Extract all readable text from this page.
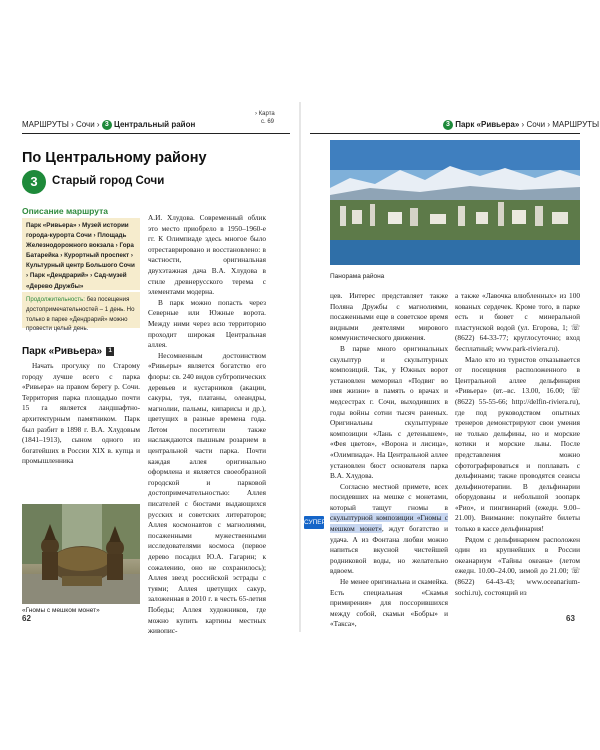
МАРШРУТЫ › Сочи › 3 Центральный район
› Карта
с. 69
По Центральному району
3	Старый город Сочи
Описание маршрута
Парк «Ривьера» › Музей истории города-курорта Сочи › Площадь Железнодорожного вокзала › Гора Батарейка › Курортный проспект › Культурный центр Большого Сочи › Парк «Дендрарий» › Сад-музей «Дерево Дружбы»
Продолжительность: без посещения достопримечательностей – 1 день. Но только в парке «Дендрарий» можно провести целый день.
Парк «Ривьера» 1

Начать прогулку по Старому городу лучше всего с парка «Ривьера» на правом берегу р. Сочи. Территория парка площадью почти 15 га является ландшафтно-архитектурным памятником. Парк был разбит в 1898 г. В.А. Хлудовым (1841–1913), сыном одного из богатейших в России XIX в. купца и промышленника

«Гномы с мешком монет»

А.И. Хлудова. Современный облик это место приобрело в 1950–1960-е гг. К Олимпиаде здесь многое было отреставрировано и восстановлено: в частности, оригинальная двухэтажная дача В.А. Хлудова в стиле древнерусского терема с элементами модерна.

В парк можно попасть через Северные или Южные ворота. Между ними через всю территорию проходит широкая Центральная аллея.

Несомненным достоинством «Ривьеры» является богатство его флоры: св. 240 видов субтропических деревьев и кустарников (акации, сакуры, туя, платаны, олеандры, магнолии, пальмы, кипарисы и др.), цветущих в разные времена года. Летом посетители также наслаждаются пышным розарием в центральной части парка. Почти каждая аллея оригинально оформлена и является своеобразной городской и парковой достопримечательностью: Аллея писателей с бюстами выдающихся русских и советских литераторов; Аллея космонавтов с магнолиями, посаженными мужественными исследователями космоса (первое дерево посадил Ю.А. Гагарин; к сожалению, оно не сохранилось); Аллея звезд российской эстрады с туями; Аллея цветущих сакур, заложенная в 2010 г. в честь 65-летия Победы; Аллея художников, где можно купить картины местных живопис-

62
3 Парк «Ривьера» › Сочи › МАРШРУТЫ
Панорама района

цев. Интерес представляет также Поляна Дружбы с магнолиями, посаженными еще в советское время видными деятелями мирового коммунистического движения.

В парке много оригинальных скульптур и скульптурных композиций. Так, у Южных ворот установлен мемориал «Подвиг во имя жизни» в память о врачах и медсестрах г. Сочи, выходивших в годы войны сотни тысяч раненых. Оригинальны скульптурные композиции «Лань с детенышем», «Фея цветов», «Ворона и лисица», «Олимпиада». На Центральной аллее установлен бюст основателя парка В.А. Хлудова.

Согласно местной примете, всех посидевших на мешке с монетами, который тащут гномы в скульптурной композиции «Гномы с мешком монет», ждут богатство и удача. А из Фонтана любви можно напиться вкусной чистейшей родниковой воды, но желательно вдвоем.

Не менее оригинальна и скамейка. Есть специальная «Скамья примирения» для поссорившихся между собой, скамьи «Бобры» и «Такса»,

СУПЕР

а также «Лавочка влюбленных» из 100 кованых сердечек. Кроме того, в парке есть и бювет с минеральной пластунской водой (ул. Егорова, 1; ☏ (8622) 64-33-77; круглосуточно; вход бесплатный; www.park-riviera.ru).

Мало кто из туристов отказывается от посещения расположенного в Центральной аллее дельфинария «Ривьера» (вт.–вс. 13.00, 16.00; ☏ (8622) 55-55-66; http://delfin-riviera.ru), где под руководством опытных тренеров демонстрируют свои умения не только дельфины, но и морские котики и морские львы. После представления можно сфотографироваться и поплавать с дельфинами; также проводятся сеансы дельфинотерапии. В дельфинарии оборудованы и небольшой зоопарк «Рио», и пингвинарий (ежедн. 9.00–21.00). Внимание: покупайте билеты только в кассе дельфинария!

Рядом с дельфинарием расположен один из крупнейших в России океанариум «Тайны океана» (летом ежедн. 10.00–24.00, зимой до 21.00; ☏ (8622) 64-43-43; www.oceanarium-sochi.ru), состоящий из

63
